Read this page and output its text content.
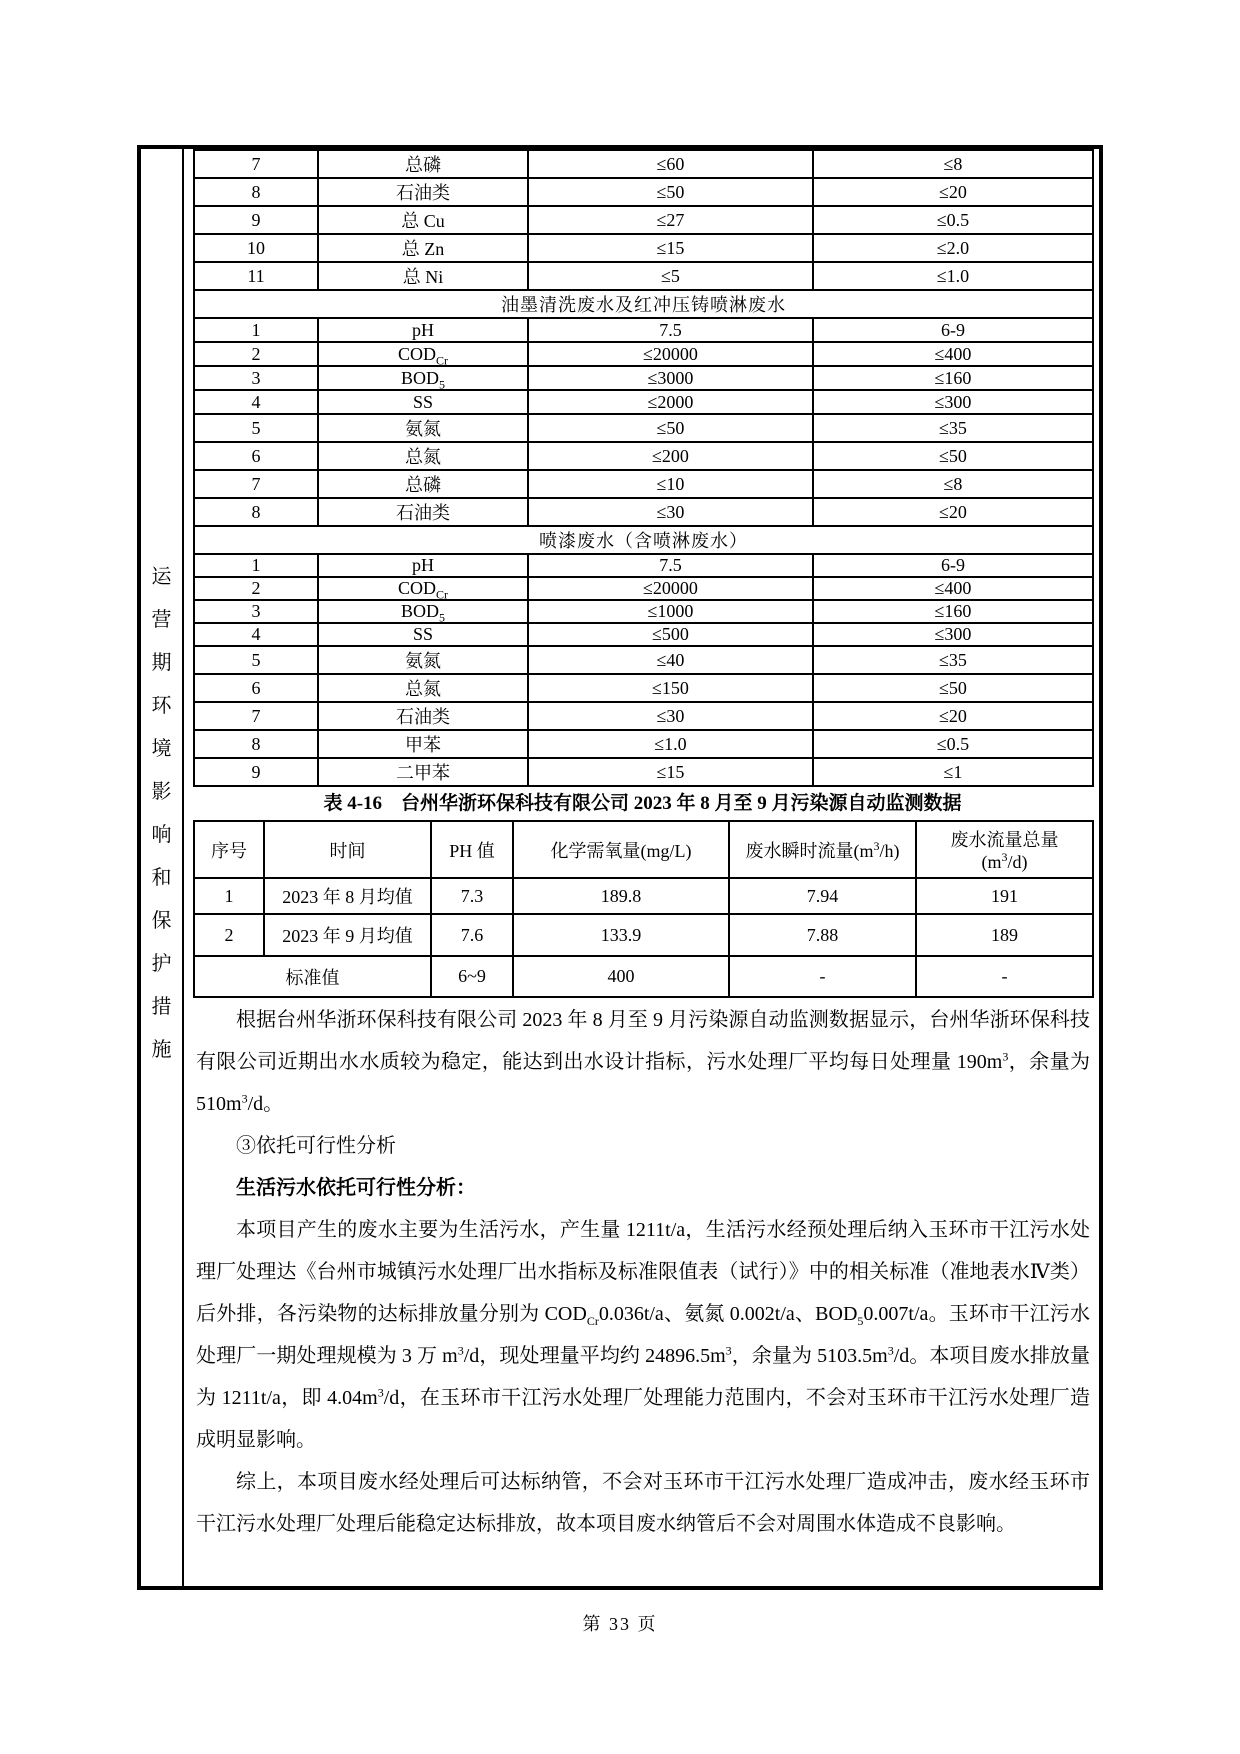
运
营
期
环
境
影
响
和
保
护
措
施
7	总磷	≤60	≤8
8	石油类	≤50	≤20
9	总 Cu	≤27	≤0.5
10	总 Zn	≤15	≤2.0
11	总 Ni	≤5	≤1.0
油墨清洗废水及红冲压铸喷淋废水			
1	pH	7.5	6-9
2	$COD_{Cr}$	≤20000	≤400
3	$BOD_5$	≤3000	≤160
4	SS	≤2000	≤300
5	氨氮	≤50	≤35
6	总氮	≤200	≤50
7	总磷	≤10	≤8
8	石油类	≤30	≤20
喷漆废水（含喷淋废水）			
1	pH	7.5	6-9
2	$COD_{Cr}$	≤20000	≤400
3	$BOD_5$	≤1000	≤160
4	SS	≤500	≤300
5	氨氮	≤40	≤35
6	总氮	≤150	≤50
7	石油类	≤30	≤20
8	甲苯	≤1.0	≤0.5
9	二甲苯	≤15	≤1
表 4-16　台州华浙环保科技有限公司 2023 年 8 月至 9 月污染源自动监测数据
序号	时间	PH 值	化学需氧量(mg/L)	废水瞬时流量$(m^3/h)$	废水流量总量
$(m^3/d)$
1	2023 年 8 月均值	7.3	189.8	7.94	191
2	2023 年 9 月均值	7.6	133.9	7.88	189
标准值		6~9	400	-	-
根据台州华浙环保科技有限公司 2023 年 8 月至 9 月污染源自动监测数据显示，台州华浙环保科技有限公司近期出水水质较为稳定，能达到出水设计指标，污水处理厂平均每日处理量 $190m^3$，余量为 $510m^3/d$。
③依托可行性分析
生活污水依托可行性分析：
本项目产生的废水主要为生活污水，产生量 1211t/a，生活污水经预处理后纳入玉环市干江污水处理厂处理达《台州市城镇污水处理厂出水指标及标准限值表（试行）》中的相关标准（准地表水Ⅳ类）后外排，各污染物的达标排放量分别为 $COD_{Cr}0.036t/a$、氨氮 0.002t/a、$BOD_50.007t/a$。玉环市干江污水处理厂一期处理规模为 3 万 $m^3/d$，现处理量平均约 $24896.5m^3$，余量为 $5103.5m^3/d$。本项目废水排放量为 1211t/a，即 $4.04m^3/d$，在玉环市干江污水处理厂处理能力范围内，不会对玉环市干江污水处理厂造成明显影响。
综上，本项目废水经处理后可达标纳管，不会对玉环市干江污水处理厂造成冲击，废水经玉环市干江污水处理厂处理后能稳定达标排放，故本项目废水纳管后不会对周围水体造成不良影响。
第 33 页
